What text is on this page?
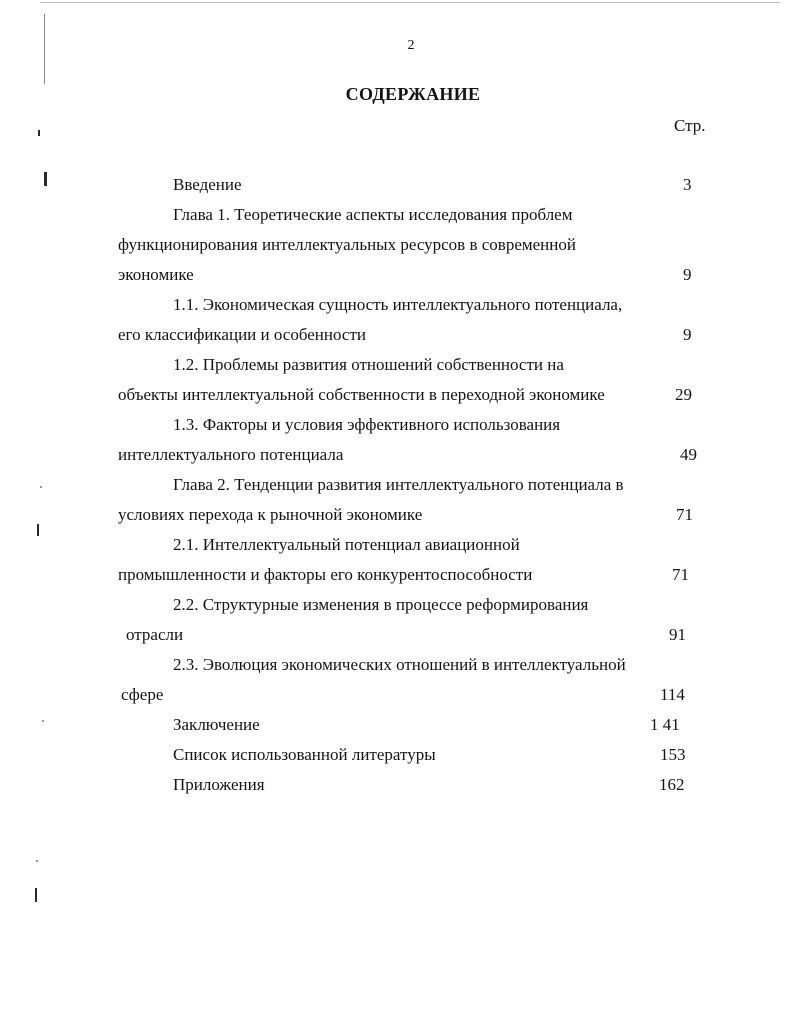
2
СОДЕРЖАНИЕ
Стр.
Введение	3
Глава 1. Теоретические аспекты исследования проблем
функционирования интеллектуальных ресурсов в современной
экономике	9
1.1. Экономическая сущность интеллектуального потенциала,
его классификации и особенности	9
1.2. Проблемы развития отношений собственности на
объекты интеллектуальной собственности в переходной экономике	29
1.3. Факторы и условия эффективного использования
интеллектуального потенциала	49
Глава 2. Тенденции развития интеллектуального потенциала в
условиях перехода к рыночной экономике	71
2.1. Интеллектуальный потенциал авиационной
промышленности и факторы его конкурентоспособности	71
2.2. Структурные изменения в процессе реформирования
отрасли	91
2.3. Эволюция экономических отношений в интеллектуальной
сфере	114
Заключение	1 41
Список использованной литературы	153
Приложения	162
